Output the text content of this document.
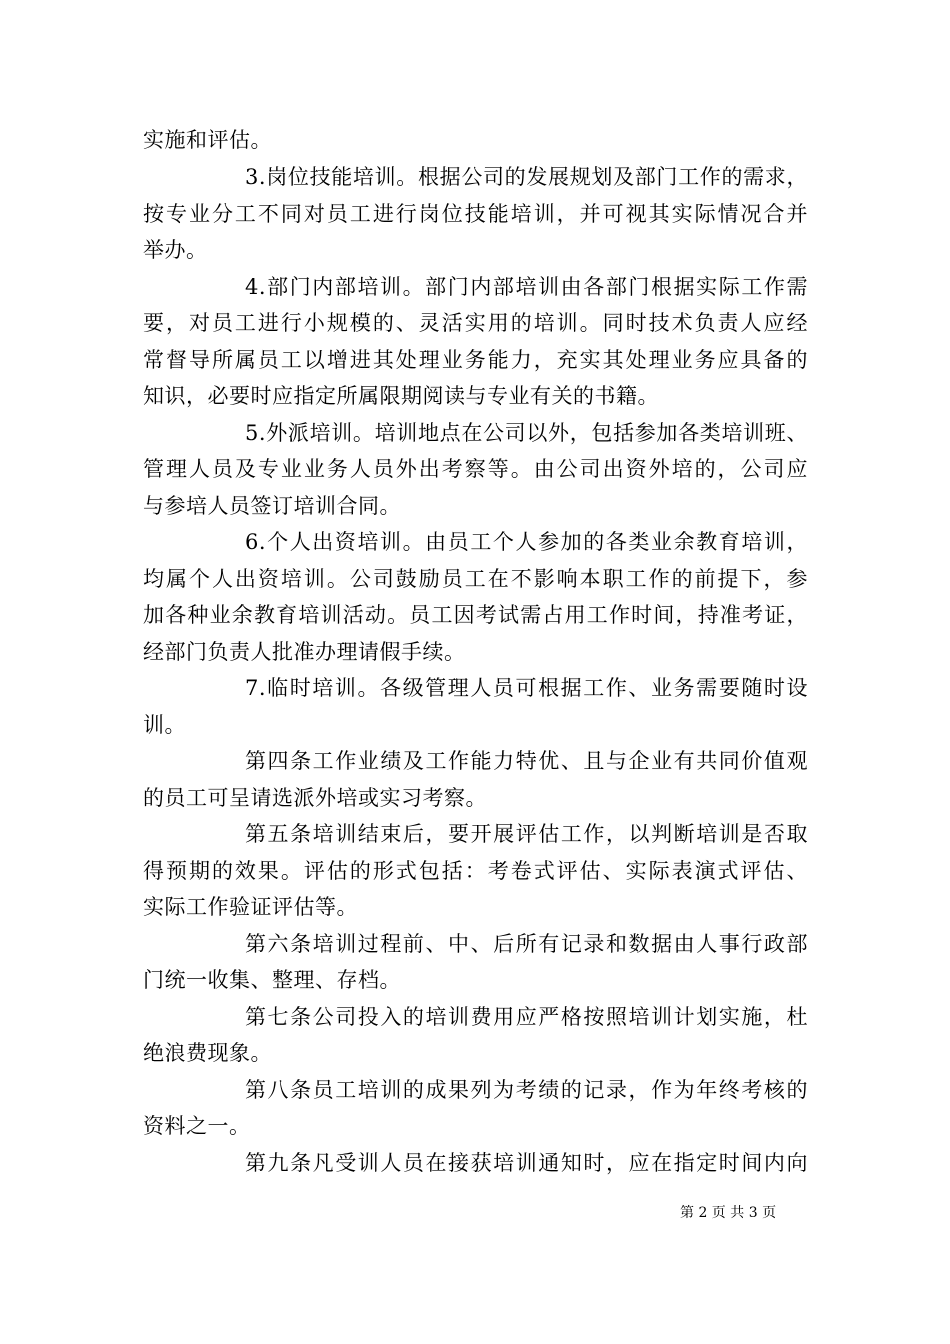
实施和评估。
3.岗位技能培训。根据公司的发展规划及部门工作的需求，
按专业分工不同对员工进行岗位技能培训，并可视其实际情况合并
举办。
4.部门内部培训。部门内部培训由各部门根据实际工作需
要，对员工进行小规模的、灵活实用的培训。同时技术负责人应经
常督导所属员工以增进其处理业务能力，充实其处理业务应具备的
知识，必要时应指定所属限期阅读与专业有关的书籍。
5.外派培训。培训地点在公司以外，包括参加各类培训班、
管理人员及专业业务人员外出考察等。由公司出资外培的，公司应
与参培人员签订培训合同。
6.个人出资培训。由员工个人参加的各类业余教育培训，
均属个人出资培训。公司鼓励员工在不影响本职工作的前提下，参
加各种业余教育培训活动。员工因考试需占用工作时间，持准考证，
经部门负责人批准办理请假手续。
7.临时培训。各级管理人员可根据工作、业务需要随时设
训。
第四条工作业绩及工作能力特优、且与企业有共同价值观
的员工可呈请选派外培或实习考察。
第五条培训结束后，要开展评估工作，以判断培训是否取
得预期的效果。评估的形式包括：考卷式评估、实际表演式评估、
实际工作验证评估等。
第六条培训过程前、中、后所有记录和数据由人事行政部
门统一收集、整理、存档。
第七条公司投入的培训费用应严格按照培训计划实施，杜
绝浪费现象。
第八条员工培训的成果列为考绩的记录，作为年终考核的
资料之一。
第九条凡受训人员在接获培训通知时，应在指定时间内向
第 2 页 共 3 页
